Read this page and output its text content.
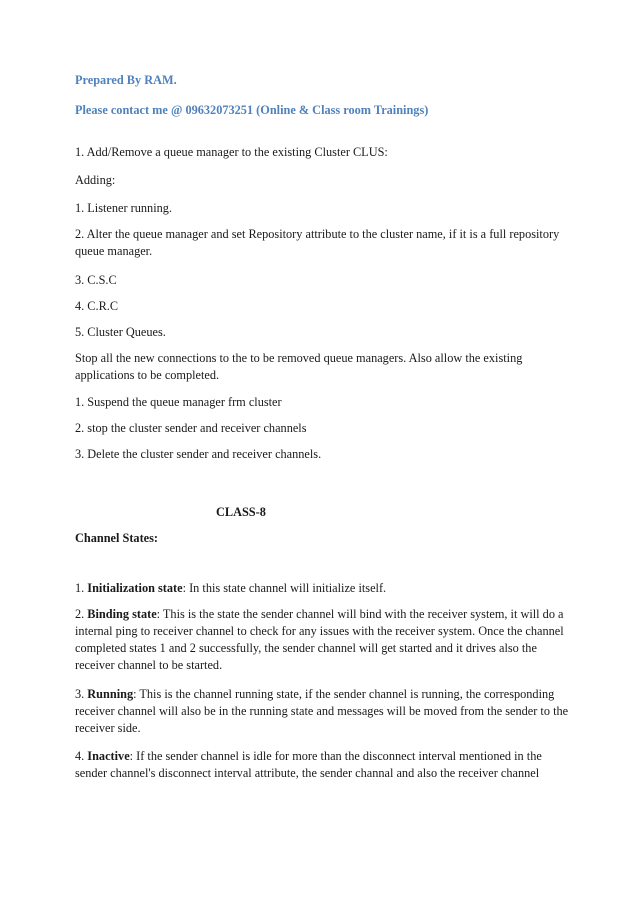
Prepared By RAM.
Please contact me @ 09632073251 (Online & Class room Trainings)
1. Add/Remove a queue manager to the existing Cluster CLUS:
Adding:
1. Listener running.
2. Alter the queue manager and set Repository attribute to the cluster name, if it is a full repository queue manager.
3. C.S.C
4. C.R.C
5. Cluster Queues.
Stop all the new connections to the to be removed queue managers. Also allow the existing applications to be completed.
1. Suspend the queue manager frm cluster
2. stop the cluster sender and receiver channels
3. Delete the cluster sender and receiver channels.
CLASS-8
Channel States:
1. Initialization state: In this state channel will initialize itself.
2. Binding state: This is the state the sender channel will bind with the receiver system, it will do a internal ping to receiver channel to check for any issues with the receiver system. Once the channel completed states 1 and 2 successfully, the sender channel will get started and it drives also the receiver channel to be started.
3. Running: This is the channel running state, if the sender channel is running, the corresponding receiver channel will also be in the running state and messages will be moved from the sender to the receiver side.
4. Inactive: If the sender channel is idle for more than the disconnect interval mentioned in the sender channel's disconnect interval attribute, the sender channal and also the receiver channel
